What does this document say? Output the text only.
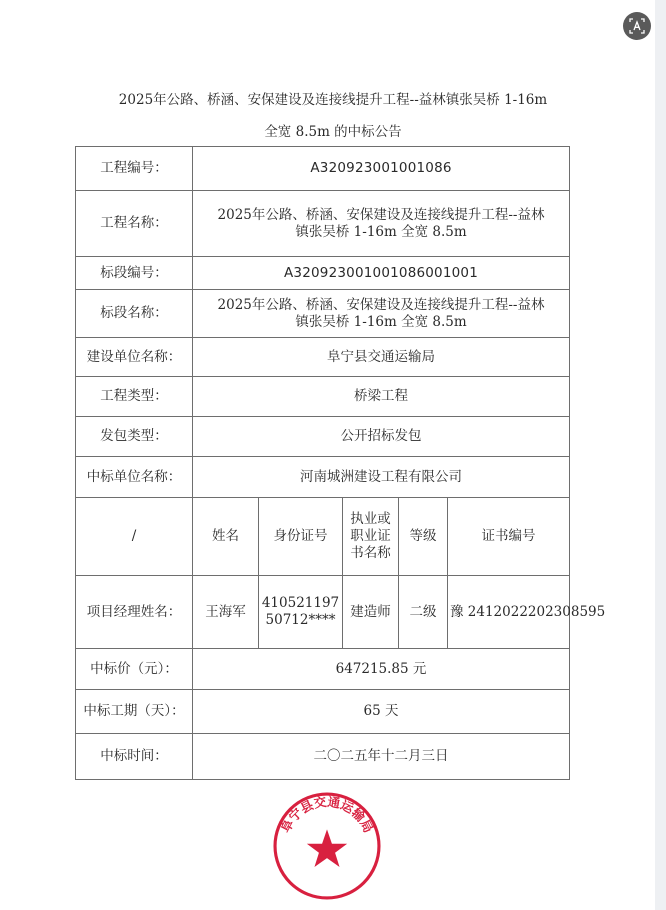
2025年公路、桥涵、安保建设及连接线提升工程--益林镇张吴桥 1-16m
全宽 8.5m 的中标公告
工程编号：	A320923001001086				
工程名称：	2025年公路、桥涵、安保建设及连接线提升工程--益林
镇张吴桥 1-16m 全宽 8.5m				

标段编号：	A320923001001086001001				
标段名称：	2025年公路、桥涵、安保建设及连接线提升工程--益林
镇张吴桥 1-16m 全宽 8.5m				

建设单位名称：	阜宁县交通运输局				
工程类型：	桥梁工程				
发包类型：	公开招标发包				
中标单位名称：	河南城洲建设工程有限公司				
/	姓名	身份证号	执业或
职业证
书名称	等级	证书编号
项目经理姓名：	王海军	410521197
50712****	建造师	二级	豫 2412022202308595
中标价（元）：	647215.85 元				
中标工期（天）：	65 天				
中标时间：	二〇二五年十二月三日				
阜宁县交通运输局
